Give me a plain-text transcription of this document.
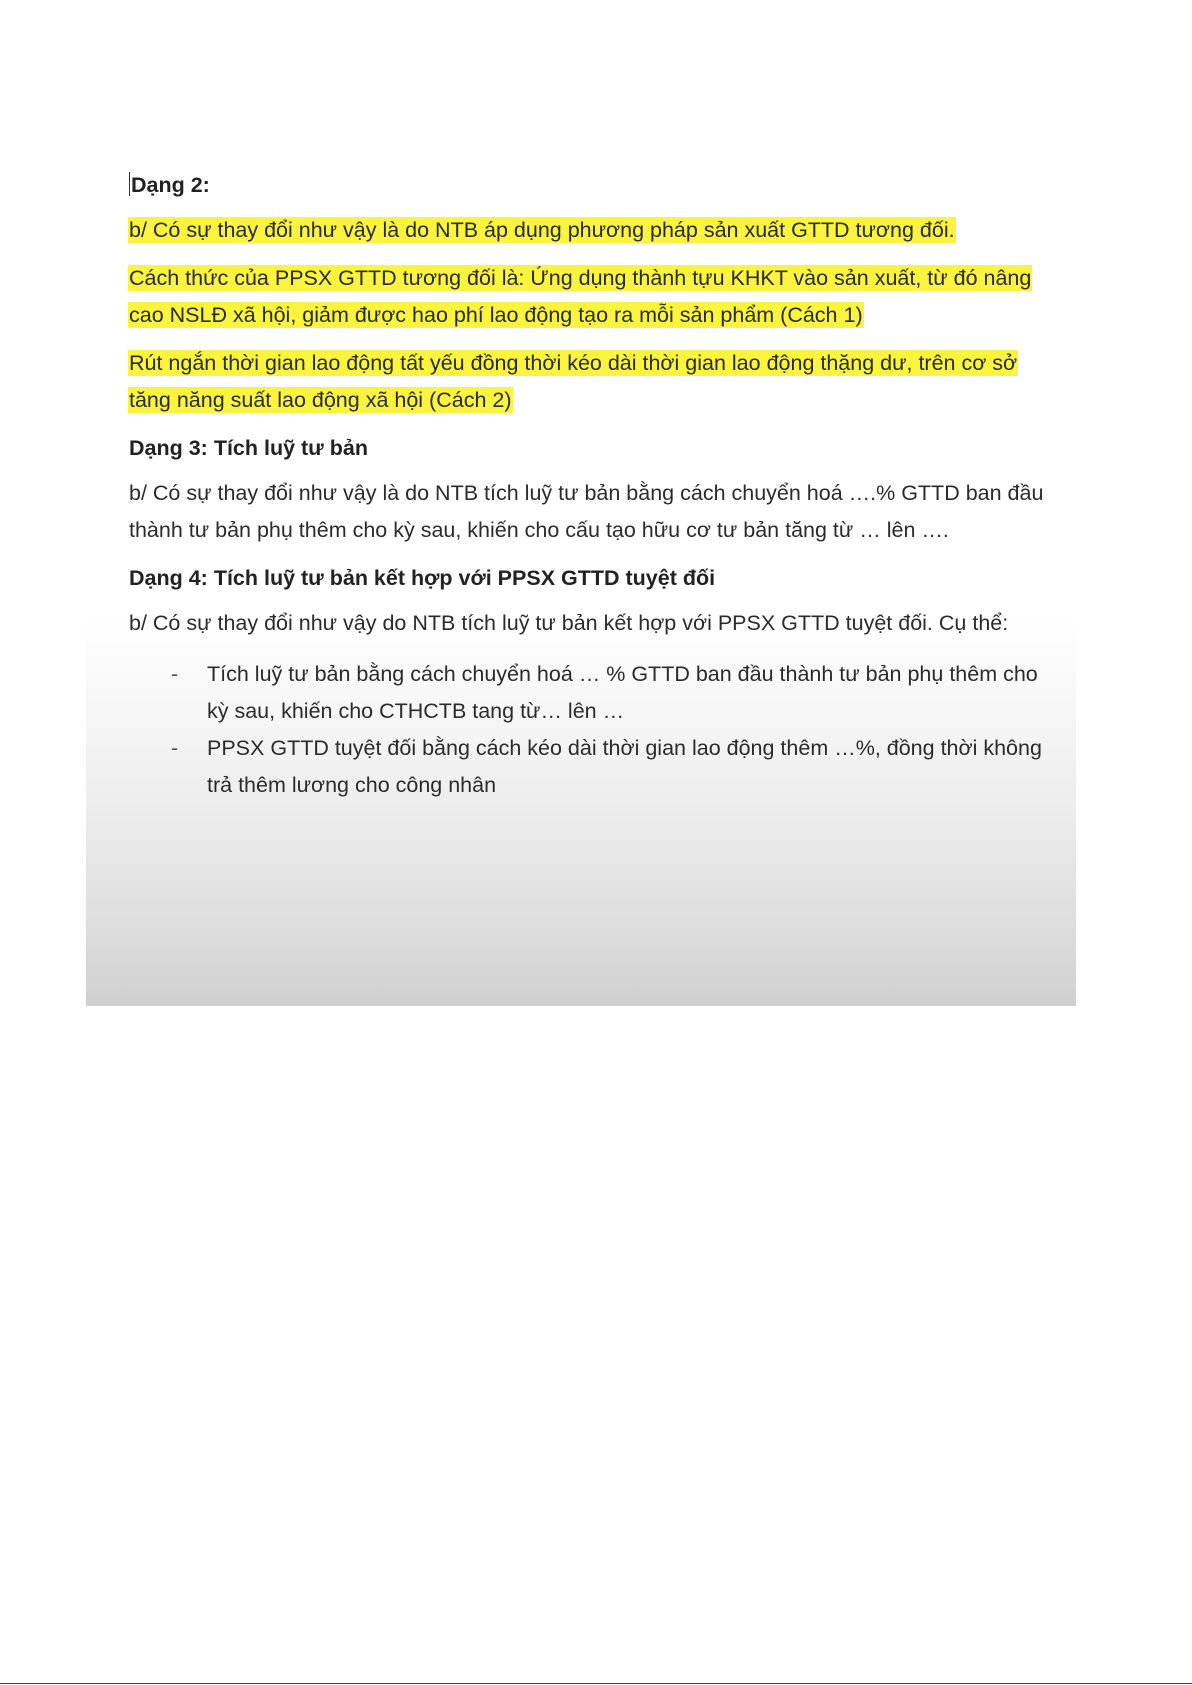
Dạng 2:
b/ Có sự thay đổi như vậy là do NTB áp dụng phương pháp sản xuất GTTD tương đối.
Cách thức của PPSX GTTD tương đối là: Ứng dụng thành tựu KHKT vào sản xuất, từ đó nâng cao NSLĐ xã hội, giảm được hao phí lao động tạo ra mỗi sản phẩm (Cách 1)
Rút ngắn thời gian lao động tất yếu đồng thời kéo dài thời gian lao động thặng dư, trên cơ sở tăng năng suất lao động xã hội (Cách 2)
Dạng 3: Tích luỹ tư bản
b/ Có sự thay đổi như vậy là do NTB tích luỹ tư bản bằng cách chuyển hoá ….% GTTD ban đầu thành tư bản phụ thêm cho kỳ sau, khiến cho cấu tạo hữu cơ tư bản tăng từ … lên ….
Dạng 4: Tích luỹ tư bản kết hợp với PPSX GTTD tuyệt đối
b/ Có sự thay đổi như vậy do NTB tích luỹ tư bản kết hợp với PPSX GTTD tuyệt đối. Cụ thể:
- Tích luỹ tư bản bằng cách chuyển hoá … % GTTD ban đầu thành tư bản phụ thêm cho kỳ sau, khiến cho CTHCTB tang từ… lên …
- PPSX GTTD tuyệt đối bằng cách kéo dài thời gian lao động thêm …%, đồng thời không trả thêm lương cho công nhân
